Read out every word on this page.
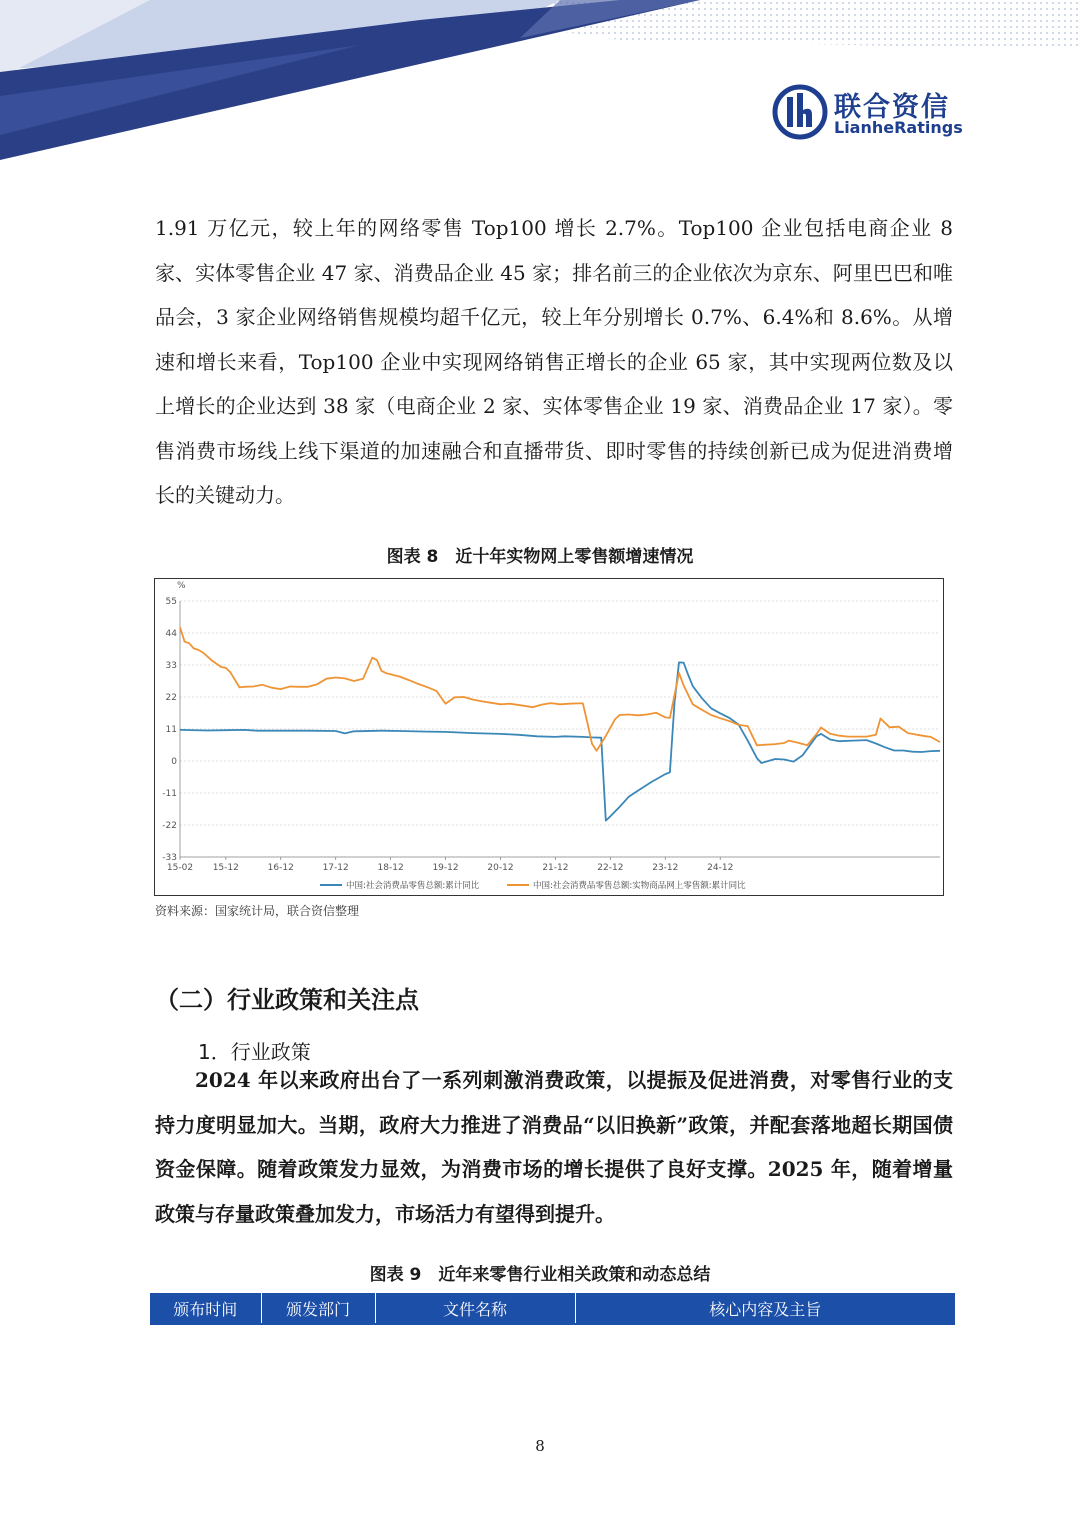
联合资信
LianheRatings

1.91 万亿元，较上年的网络零售 Top100 增长 2.7%。Top100 企业包括电商企业 8 家、实体零售企业 47 家、消费品企业 45 家；排名前三的企业依次为京东、阿里巴巴和唯品会，3 家企业网络销售规模均超千亿元，较上年分别增长 0.7%、6.4%和 8.6%。从增速和增长来看，Top100 企业中实现网络销售正增长的企业 65 家，其中实现两位数及以上增长的企业达到 38 家（电商企业 2 家、实体零售企业 19 家、消费品企业 17 家）。零售消费市场线上线下渠道的加速融合和直播带货、即时零售的持续创新已成为促进消费增长的关键动力。

图表 8　近十年实物网上零售额增速情况

%
55
44
33
22
11
0
-11
-22
-33
15-02 15-12	16-12	17-12	18-12	19-12	20-12	21-12	22-12	23-12	24-12
中国:社会消费品零售总额:累计同比	中国:社会消费品零售总额:实物商品网上零售额:累计同比

资料来源：国家统计局，联合资信整理

（二）行业政策和关注点

1．行业政策

2024 年以来政府出台了一系列刺激消费政策，以提振及促进消费，对零售行业的支持力度明显加大。当期，政府大力推进了消费品“以旧换新”政策，并配套落地超长期国债资金保障。随着政策发力显效，为消费市场的增长提供了良好支撑。2025 年，随着增量政策与存量政策叠加发力，市场活力有望得到提升。

图表 9　近年来零售行业相关政策和动态总结

颁布时间	颁发部门	文件名称	核心内容及主旨

8
